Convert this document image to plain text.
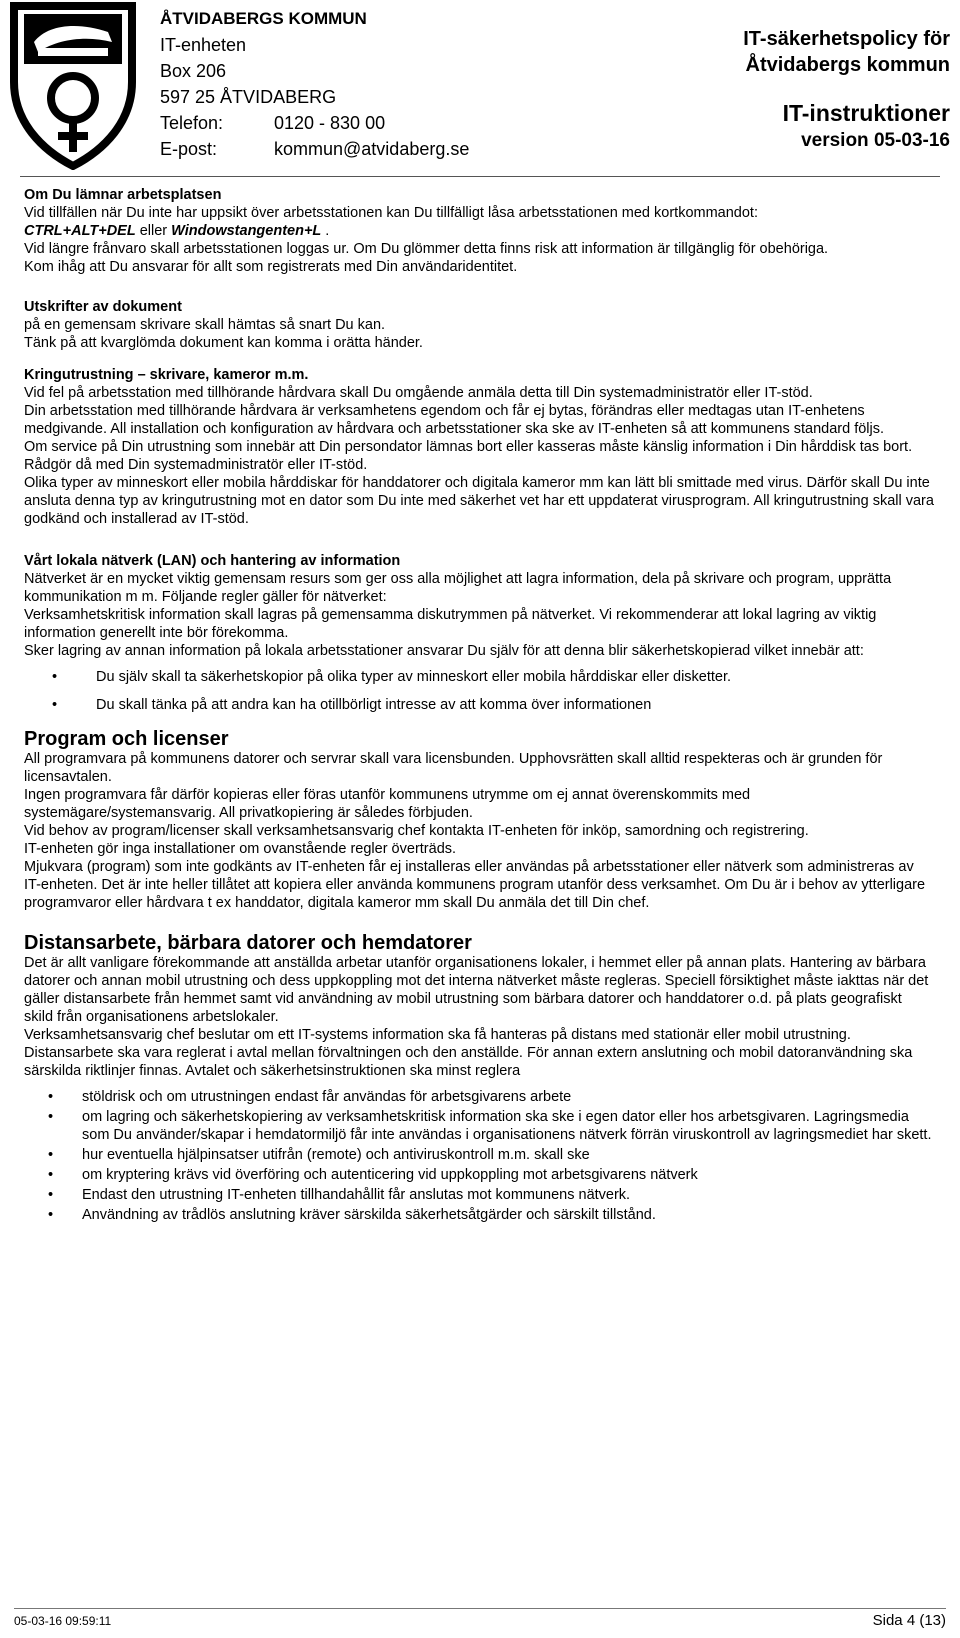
ÅTVIDABERGS KOMMUN
IT-enheten
Box 206
597 25 ÅTVIDABERG
Telefon:	0120 - 830 00
E-post:	kommun@atvidaberg.se
IT-säkerhetspolicy för
Åtvidabergs kommun
IT-instruktioner
version 05-03-16

Om Du lämnar arbetsplatsen

Vid tillfällen när Du inte har uppsikt över arbetsstationen kan Du tillfälligt låsa arbetsstationen med kortkommandot:

CTRL+ALT+DEL eller Windowstangenten+L .

Vid längre frånvaro skall arbetsstationen loggas ur. Om Du glömmer detta finns risk att information är tillgänglig för obehöriga.

Kom ihåg att Du ansvarar för allt som registrerats med Din användaridentitet.

Utskrifter av dokument

på en gemensam skrivare skall hämtas så snart Du kan.

Tänk på att kvarglömda dokument kan komma i orätta händer.

Kringutrustning – skrivare, kameror m.m.

Vid fel på arbetsstation med tillhörande hårdvara skall Du omgående anmäla detta till Din systemadministratör eller IT-stöd.

Din arbetsstation med tillhörande hårdvara är verksamhetens egendom och får ej bytas, förändras eller medtagas utan IT-enhetens medgivande. All installation och konfiguration av hårdvara och arbetsstationer ska ske av IT-enheten så att kommunens standard följs.

Om service på Din utrustning som innebär att Din persondator lämnas bort eller kasseras måste känslig information i Din hårddisk tas bort. Rådgör då med Din systemadministratör eller IT-stöd.

Olika typer av minneskort eller mobila hårddiskar för handdatorer och digitala kameror mm kan lätt bli smittade med virus. Därför skall Du inte ansluta denna typ av kringutrustning mot en dator som Du inte med säkerhet vet har ett uppdaterat virusprogram. All kringutrustning skall vara godkänd och installerad av IT-stöd.

Vårt lokala nätverk (LAN) och hantering av information

Nätverket är en mycket viktig gemensam resurs som ger oss alla möjlighet att lagra information, dela på skrivare och program, upprätta kommunikation m m. Följande regler gäller för nätverket:

Verksamhetskritisk information skall lagras på gemensamma diskutrymmen på nätverket. Vi rekommenderar att lokal lagring av viktig information generellt inte bör förekomma.

Sker lagring av annan information på lokala arbetsstationer ansvarar Du själv för att denna blir säkerhetskopierad vilket innebär att:

• Du själv skall ta säkerhetskopior på olika typer av minneskort eller mobila hårddiskar eller disketter.
• Du skall tänka på att andra kan ha otillbörligt intresse av att komma över informationen

Program och licenser

All programvara på kommunens datorer och servrar skall vara licensbunden. Upphovsrätten skall alltid respekteras och är grunden för licensavtalen.

Ingen programvara får därför kopieras eller föras utanför kommunens utrymme om ej annat överenskommits med systemägare/systemansvarig. All privatkopiering är således förbjuden.

Vid behov av program/licenser skall verksamhetsansvarig chef kontakta IT-enheten för inköp, samordning och registrering.

IT-enheten gör inga installationer om ovanstående regler överträds.

Mjukvara (program) som inte godkänts av IT-enheten får ej installeras eller användas på arbetsstationer eller nätverk som administreras av IT-enheten. Det är inte heller tillåtet att kopiera eller använda kommunens program utanför dess verksamhet. Om Du är i behov av ytterligare programvaror eller hårdvara t ex handdator, digitala kameror mm skall Du anmäla det till Din chef.

Distansarbete, bärbara datorer och hemdatorer

Det är allt vanligare förekommande att anställda arbetar utanför organisationens lokaler, i hemmet eller på annan plats. Hantering av bärbara datorer och annan mobil utrustning och dess uppkoppling mot det interna nätverket måste regleras. Speciell försiktighet måste iakttas när det gäller distansarbete från hemmet samt vid användning av mobil utrustning som bärbara datorer och handdatorer o.d. på plats geografiskt skild från organisationens arbetslokaler.

Verksamhetsansvarig chef beslutar om ett IT-systems information ska få hanteras på distans med stationär eller mobil utrustning. Distansarbete ska vara reglerat i avtal mellan förvaltningen och den anställde. För annan extern anslutning och mobil datoranvändning ska särskilda riktlinjer finnas. Avtalet och säkerhetsinstruktionen ska minst reglera

• stöldrisk och om utrustningen endast får användas för arbetsgivarens arbete
• om lagring och säkerhetskopiering av verksamhetskritisk information ska ske i egen dator eller hos arbetsgivaren. Lagringsmedia som Du använder/skapar i hemdatormiljö får inte användas i organisationens nätverk förrän viruskontroll av lagringsmediet har skett.
• hur eventuella hjälpinsatser utifrån (remote) och antiviruskontroll m.m. skall ske
• om kryptering krävs vid överföring och autenticering vid uppkoppling mot arbetsgivarens nätverk
• Endast den utrustning IT-enheten tillhandahållit får anslutas mot kommunens nätverk.
• Användning av trådlös anslutning kräver särskilda säkerhetsåtgärder och särskilt tillstånd.
05-03-16 09:59:11	Sida 4 (13)
